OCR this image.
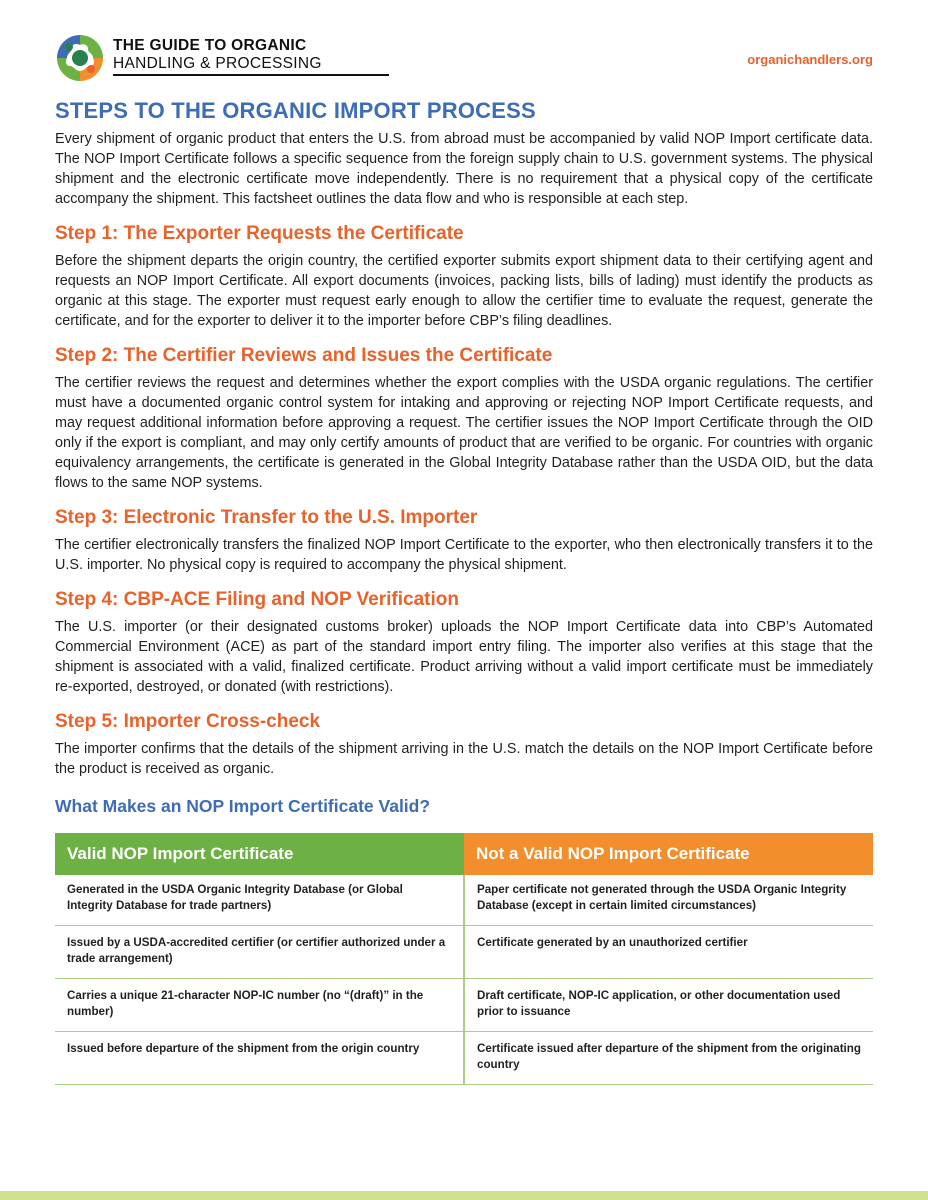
THE GUIDE TO ORGANIC
HANDLING & PROCESSING	organichandlers.org
STEPS TO THE ORGANIC IMPORT PROCESS

Every shipment of organic product that enters the U.S. from abroad must be accompanied by valid NOP Import certificate data. The NOP Import Certificate follows a specific sequence from the foreign supply chain to U.S. government systems. The physical shipment and the electronic certificate move independently. There is no requirement that a physical copy of the certificate accompany the shipment. This factsheet outlines the data flow and who is responsible at each step.

Step 1: The Exporter Requests the Certificate

Before the shipment departs the origin country, the certified exporter submits export shipment data to their certifying agent and requests an NOP Import Certificate. All export documents (invoices, packing lists, bills of lading) must identify the products as organic at this stage. The exporter must request early enough to allow the certifier time to evaluate the request, generate the certificate, and for the exporter to deliver it to the importer before CBP’s filing deadlines.

Step 2: The Certifier Reviews and Issues the Certificate

The certifier reviews the request and determines whether the export complies with the USDA organic regulations. The certifier must have a documented organic control system for intaking and approving or rejecting NOP Import Certificate requests, and may request additional information before approving a request. The certifier issues the NOP Import Certificate through the OID only if the export is compliant, and may only certify amounts of product that are verified to be organic. For countries with organic equivalency arrangements, the certificate is generated in the Global Integrity Database rather than the USDA OID, but the data flows to the same NOP systems.

Step 3: Electronic Transfer to the U.S. Importer

The certifier electronically transfers the finalized NOP Import Certificate to the exporter, who then electronically transfers it to the U.S. importer. No physical copy is required to accompany the physical shipment.

Step 4: CBP-ACE Filing and NOP Verification

The U.S. importer (or their designated customs broker) uploads the NOP Import Certificate data into CBP’s Automated Commercial Environment (ACE) as part of the standard import entry filing. The importer also verifies at this stage that the shipment is associated with a valid, finalized certificate. Product arriving without a valid import certificate must be immediately re-exported, destroyed, or donated (with restrictions).

Step 5: Importer Cross-check

The importer confirms that the details of the shipment arriving in the U.S. match the details on the NOP Import Certificate before the product is received as organic.

What Makes an NOP Import Certificate Valid?
Valid NOP Import Certificate	Not a Valid NOP Import Certificate
Generated in the USDA Organic Integrity Database (or Global Integrity Database for trade partners)	Paper certificate not generated through the USDA Organic Integrity Database (except in certain limited circumstances)
Issued by a USDA-accredited certifier (or certifier authorized under a trade arrangement)	Certificate generated by an unauthorized certifier
Carries a unique 21-character NOP-IC number (no “(draft)” in the number)	Draft certificate, NOP-IC application, or other documentation used prior to issuance
Issued before departure of the shipment from the origin country	Certificate issued after departure of the shipment from the originating country
